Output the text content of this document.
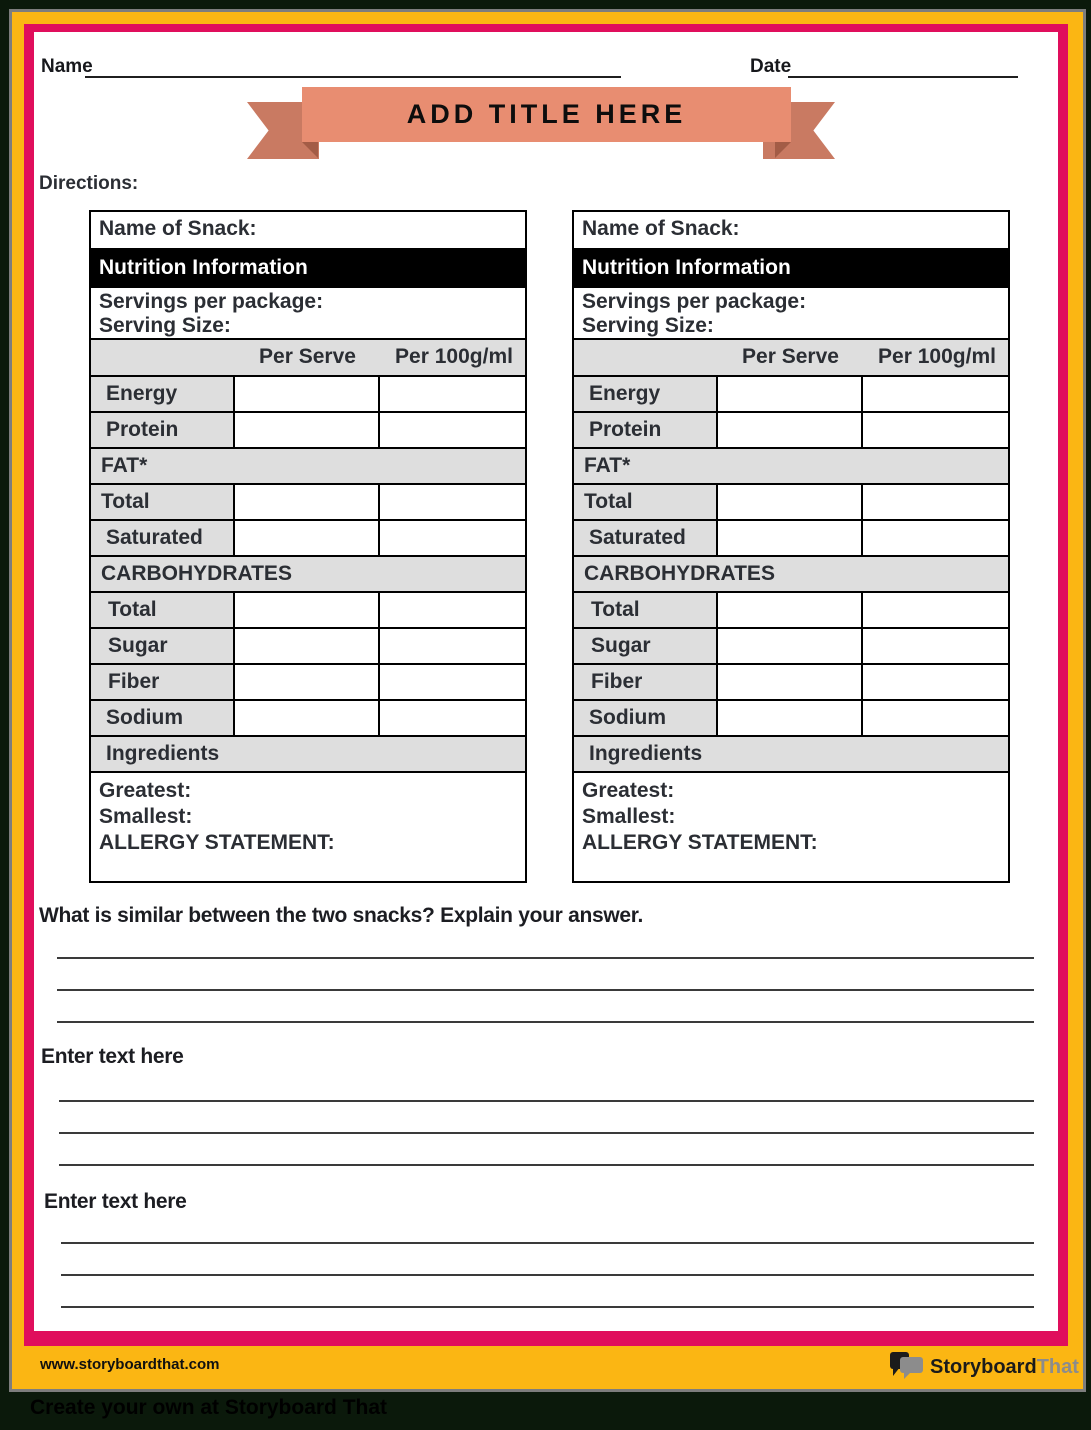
Name	Date
ADD TITLE HERE
Directions:
Name of Snack:
Nutrition Information
Servings per package:
Serving Size:
Per Serve	Per 100g/ml
Energy
Protein
FAT*
Total
Saturated
CARBOHYDRATES
Total
Sugar
Fiber
Sodium
Ingredients
Greatest:
Smallest:
ALLERGY STATEMENT:
Name of Snack:
Nutrition Information
Servings per package:
Serving Size:
Per Serve	Per 100g/ml
Energy
Protein
FAT*
Total
Saturated
CARBOHYDRATES
Total
Sugar
Fiber
Sodium
Ingredients
Greatest:
Smallest:
ALLERGY STATEMENT:
What is similar between the two snacks? Explain your answer.
Enter text here
Enter text here
www.storyboardthat.com	StoryboardThat
Create your own at Storyboard That
